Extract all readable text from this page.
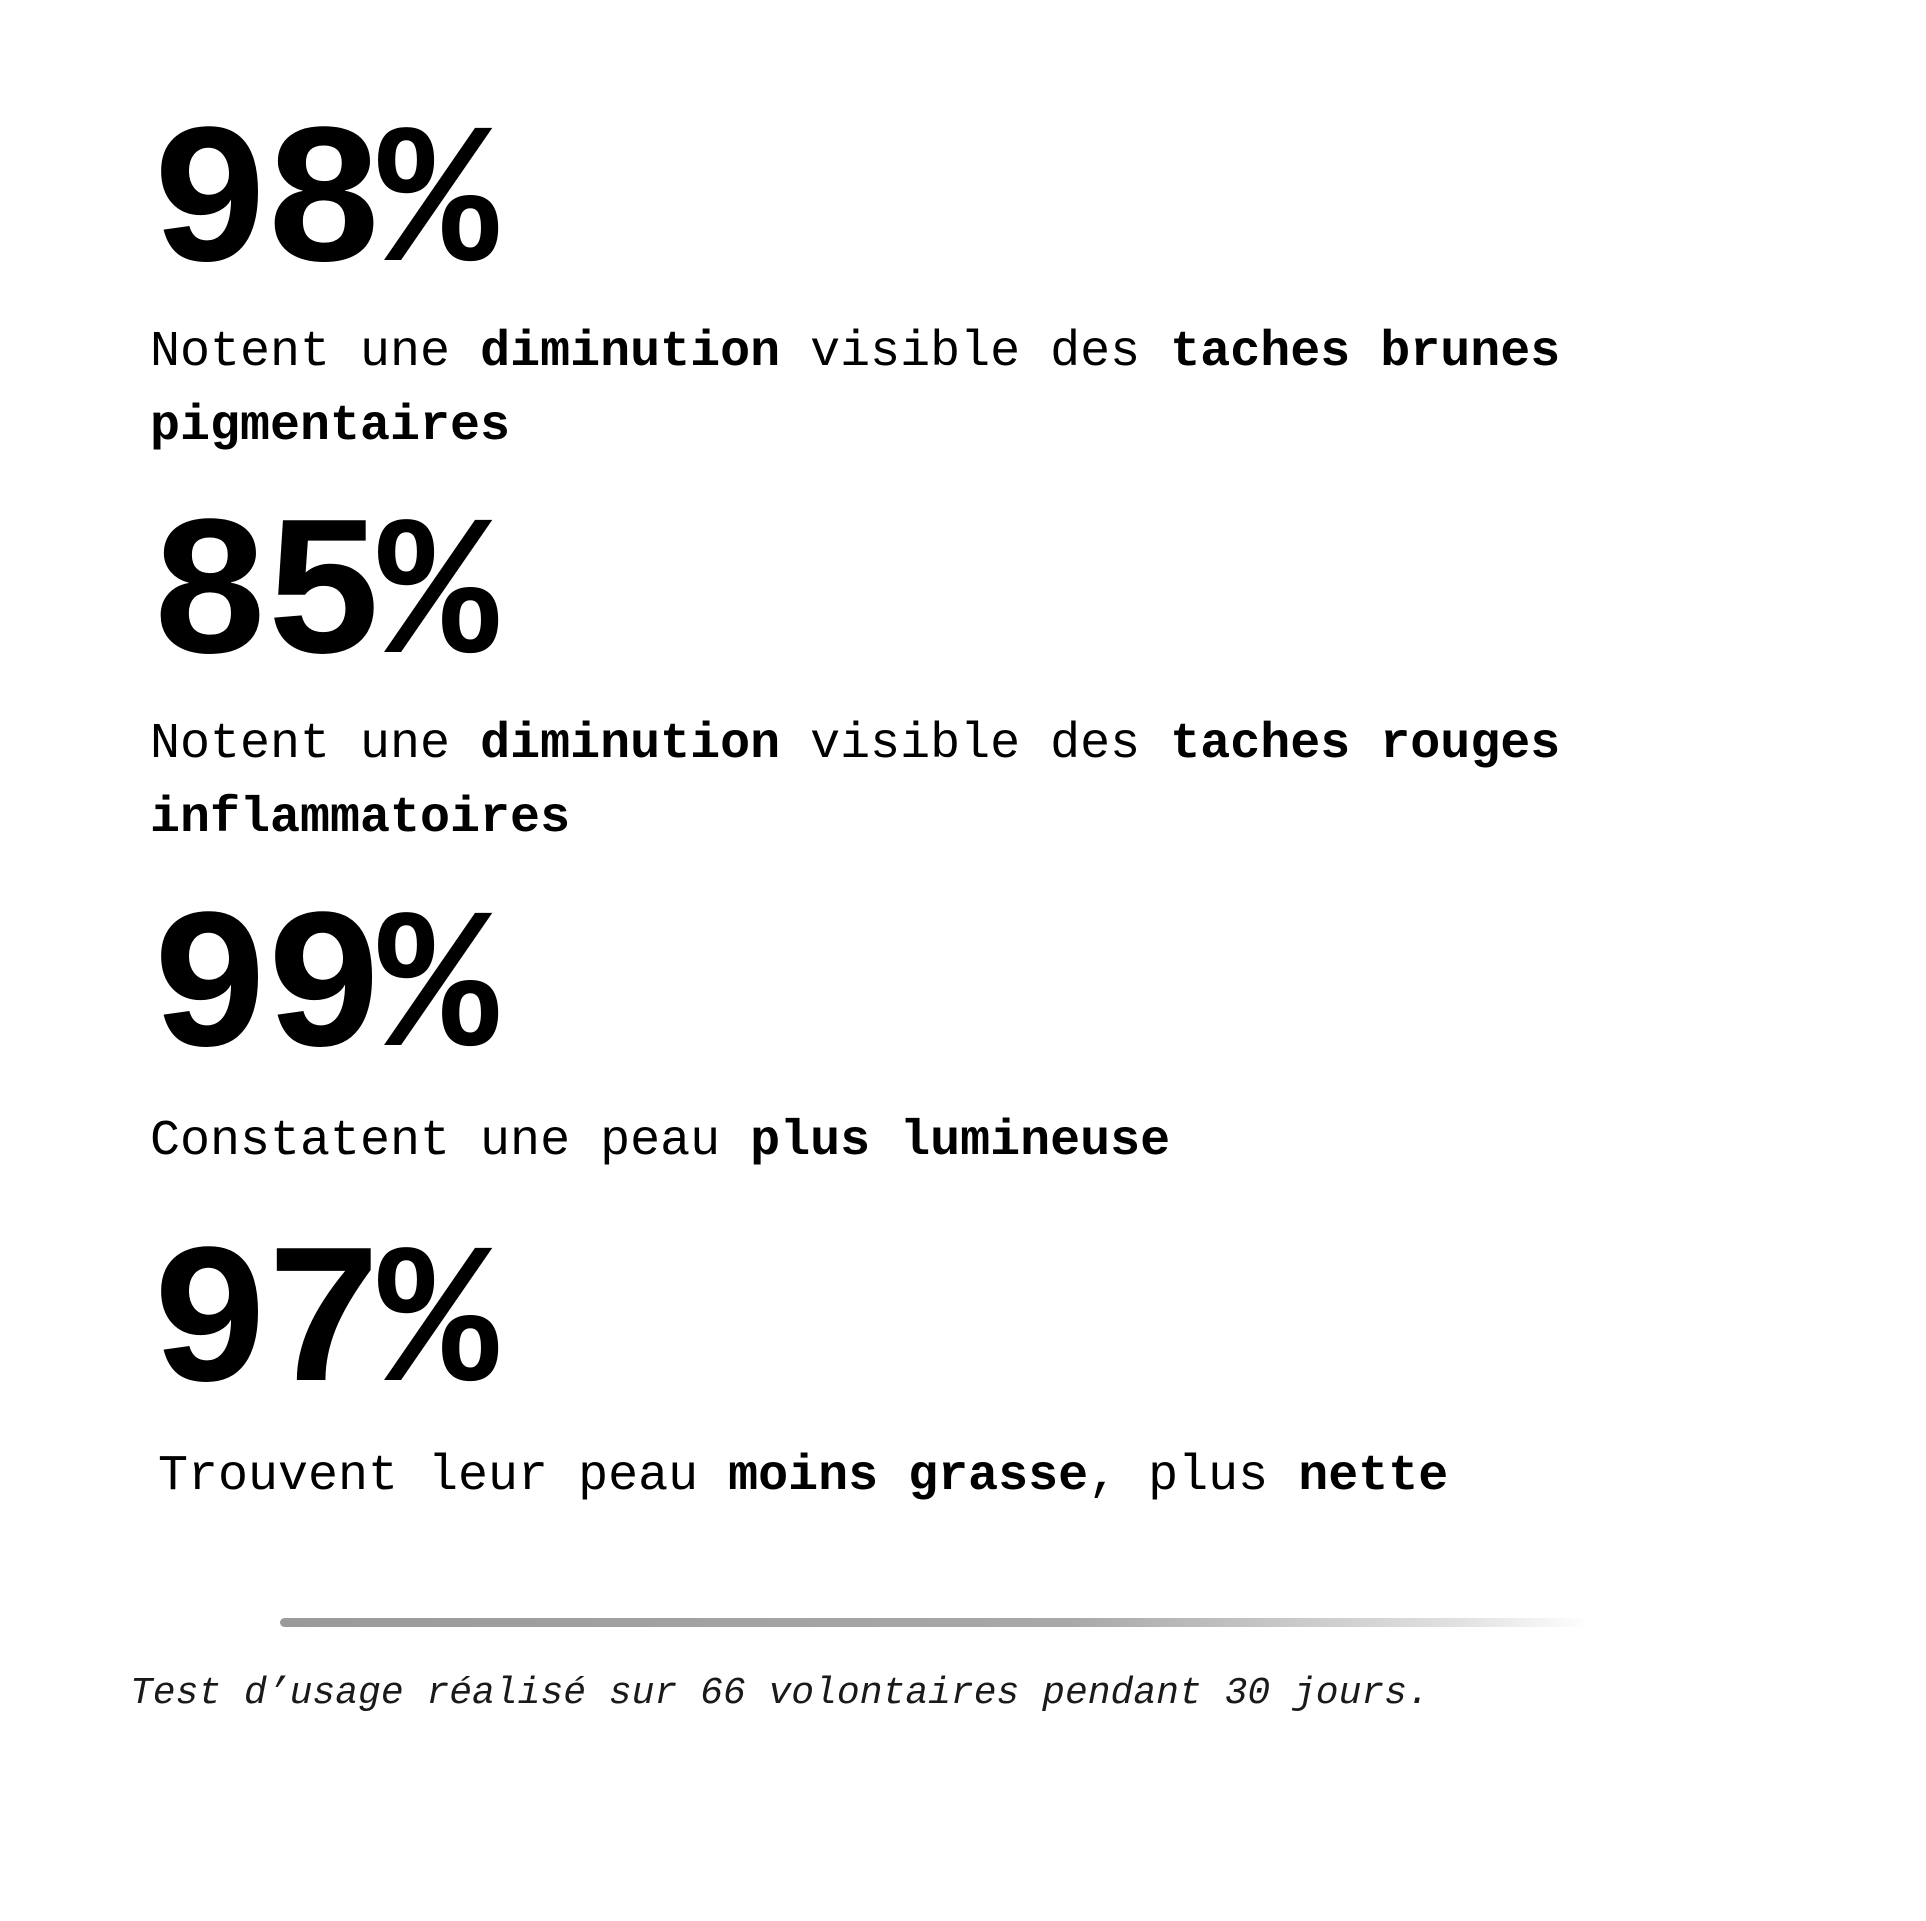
98%

Notent une diminution visible des taches brunes
pigmentaires

85%

Notent une diminution visible des taches rouges
inflammatoires

99%

Constatent une peau plus lumineuse

97%

Trouvent leur peau moins grasse, plus nette

Test d’usage réalisé sur 66 volontaires pendant 30 jours.
